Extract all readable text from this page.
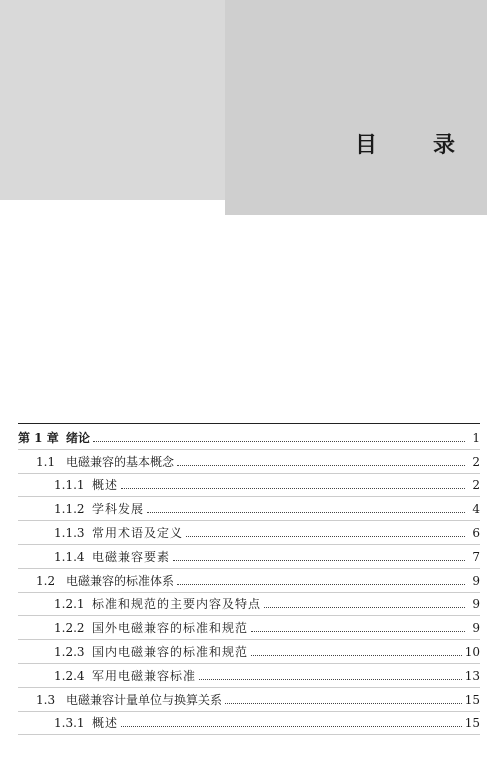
目	录
第 1 章 绪论	1
1.1 电磁兼容的基本概念	2
1.1.1 概述	2
1.1.2 学科发展	4
1.1.3 常用术语及定义	6
1.1.4 电磁兼容要素	7
1.2 电磁兼容的标准体系	9
1.2.1 标准和规范的主要内容及特点	9
1.2.2 国外电磁兼容的标准和规范	9
1.2.3 国内电磁兼容的标准和规范	10
1.2.4 军用电磁兼容标准	13
1.3 电磁兼容计量单位与换算关系	15
1.3.1 概述	15
